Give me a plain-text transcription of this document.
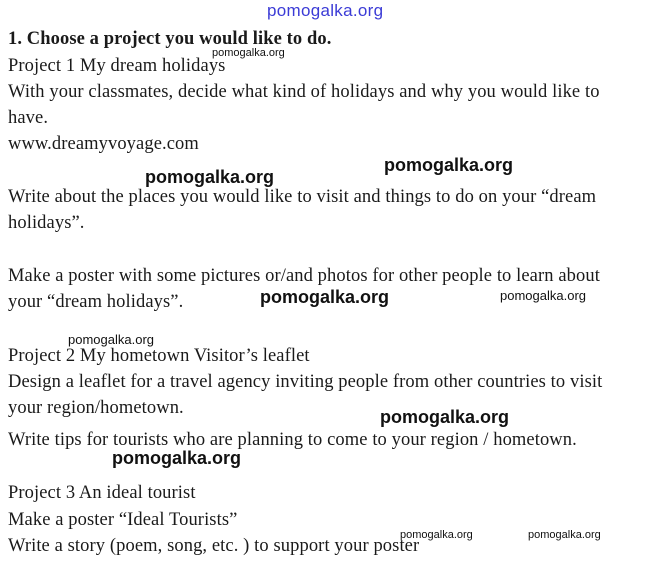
pomogalka.org
pomogalka.org
pomogalka.org
pomogalka.org
pomogalka.org	pomogalka.org
pomogalka.org
pomogalka.org
pomogalka.org
pomogalka.org	pomogalka.org
1. Choose a project you would like to do.
Project 1 My dream holidays
With your classmates, decide what kind of holidays and why you would like to
have.
www.dreamyvoyage.com
Write about the places you would like to visit and things to do on your “dream
holidays”.
Make a poster with some pictures or/and photos for other people to learn about
your “dream holidays”.
Project 2 My hometown Visitor’s leaflet
Design a leaflet for a travel agency inviting people from other countries to visit
your region/hometown.
Write tips for tourists who are planning to come to your region / hometown.
Project 3 An ideal tourist
Make a poster “Ideal Tourists”
Write a story (poem, song, etc. ) to support your poster
